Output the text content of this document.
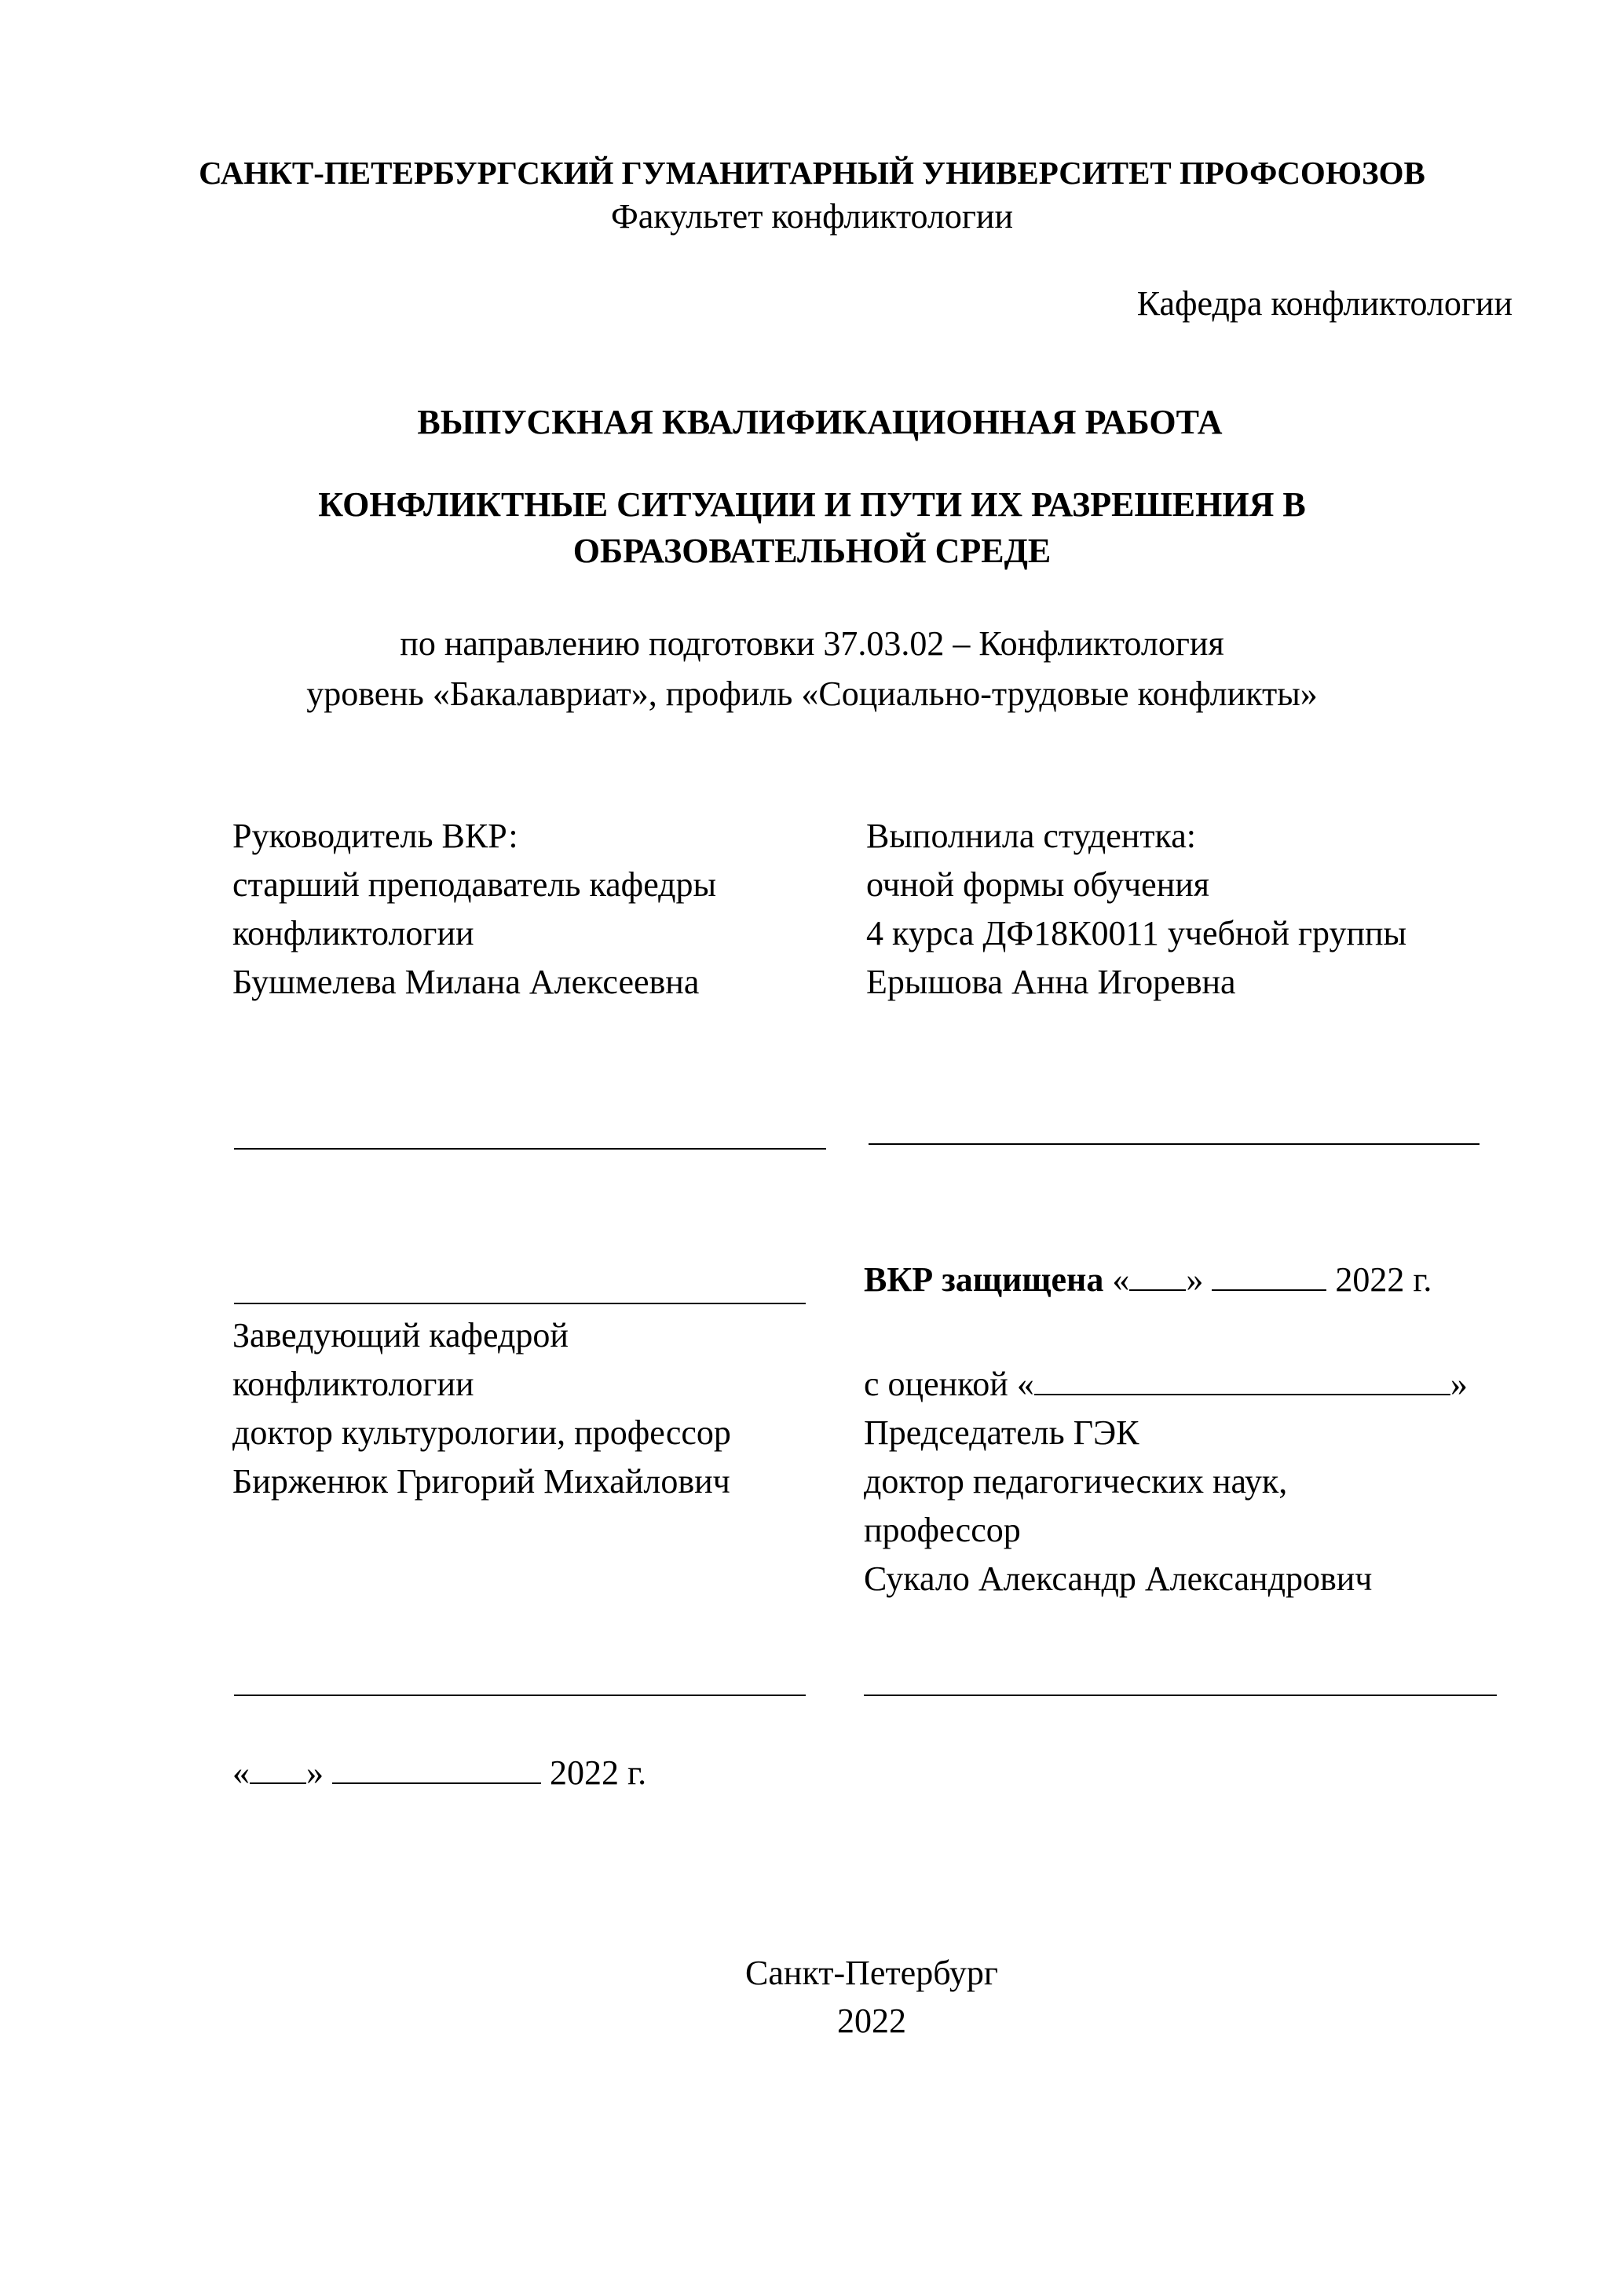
САНКТ-ПЕТЕРБУРГСКИЙ ГУМАНИТАРНЫЙ УНИВЕРСИТЕТ ПРОФСОЮЗОВ
Факультет конфликтологии
Кафедра конфликтологии
ВЫПУСКНАЯ КВАЛИФИКАЦИОННАЯ РАБОТА
КОНФЛИКТНЫЕ СИТУАЦИИ И ПУТИ ИХ РАЗРЕШЕНИЯ В
ОБРАЗОВАТЕЛЬНОЙ СРЕДЕ
по направлению подготовки 37.03.02 – Конфликтология
уровень «Бакалавриат», профиль «Социально-трудовые конфликты»
Руководитель ВКР:
старший преподаватель кафедры
конфликтологии
Бушмелева Милана Алексеевна
Выполнила студентка:
очной формы обучения
4 курса ДФ18К0011 учебной группы
Ерышова Анна Игоревна
ВКР защищена « »	2022 г.
Заведующий кафедрой
конфликтологии
доктор культурологии, профессор
Бирженюк Григорий Михайлович
с оценкой «	»
Председатель ГЭК
доктор педагогических наук,
профессор
Сукало Александр Александрович
« »	2022 г.
Санкт-Петербург
2022
